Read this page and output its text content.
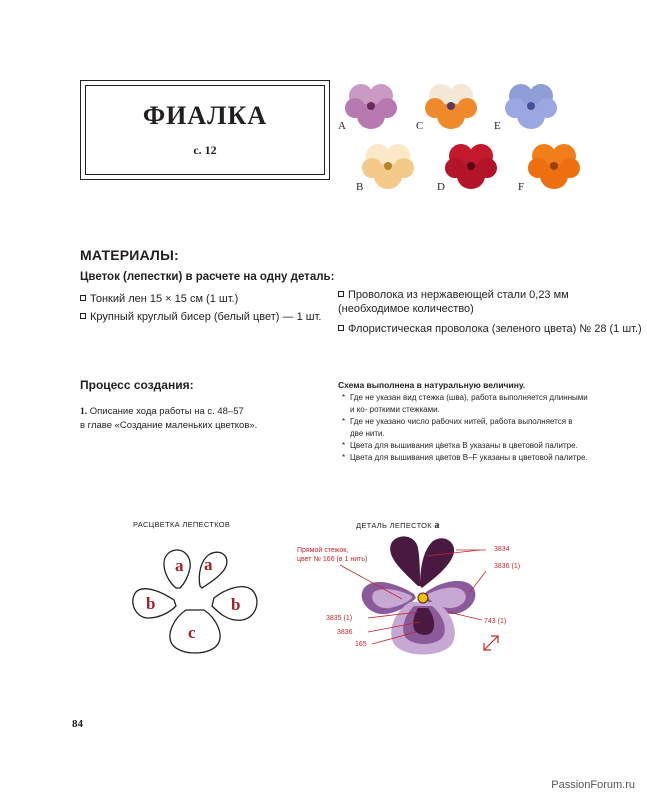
ФИАЛКА
с. 12
A	C	E
B	D	F
МАТЕРИАЛЫ:
Цветок (лепестки) в расчете на одну деталь:
Тонкий лен 15 × 15 см (1 шт.)
Крупный круглый бисер (белый цвет) — 1 шт.
Проволока из нержавеющей стали 0,23 мм
(необходимое количество)
Флористическая проволока (зеленого цвета) № 28 (1 шт.)
Процесс создания:
1. Описание хода работы на с. 48–57
в главе «Создание маленьких цветков».
Схема выполнена в натуральную величину.
* Где не указан вид стежка (шва), работа выполняется длинными и ко- роткими стежками.
* Где не указано число рабочих нитей, работа выполняется в две нити.
* Цвета для вышивания цветка В указаны в цветовой палитре.
* Цвета для вышивания цветов B–F указаны в цветовой палитре.
РАСЦВЕТКА ЛЕПЕСТКОВ
a a
b	b
c
ДЕТАЛЬ ЛЕПЕСТОК a
Прямой стежок,
цвет № 166 (в 1 нить)
3834
3836 (1)
3835 (1)
3836
165
743 (1)
84
PassionForum.ru
